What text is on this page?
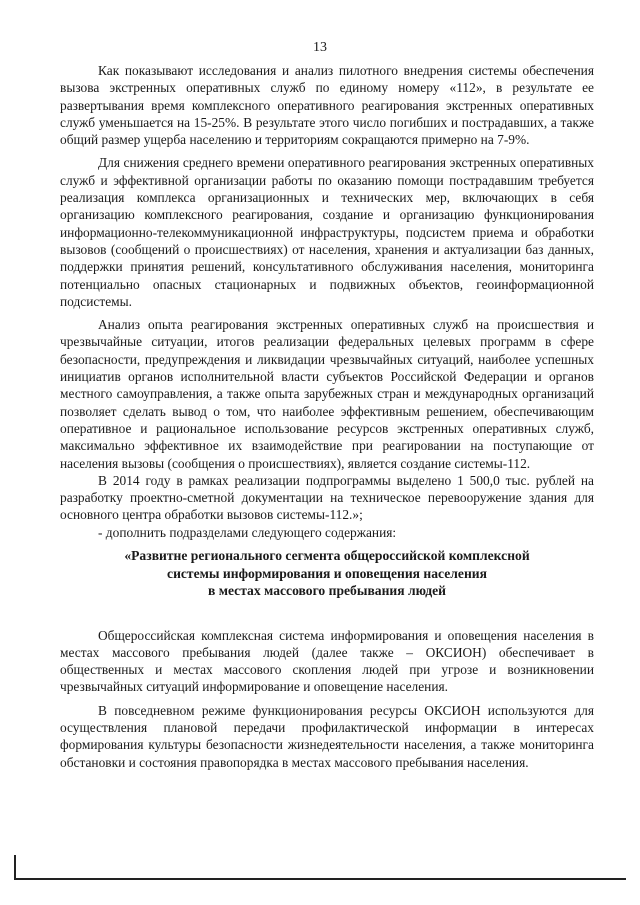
13

Как показывают исследования и анализ пилотного внедрения системы обеспечения вызова экстренных оперативных служб по единому номеру «112», в результате ее развертывания время комплексного оперативного реагирования экстренных оперативных служб уменьшается на 15-25%. В результате этого число погибших и пострадавших, а также общий размер ущерба населению и территориям сокращаются примерно на 7-9%.

Для снижения среднего времени оперативного реагирования экстренных оперативных служб и эффективной организации работы по оказанию помощи пострадавшим требуется реализация комплекса организационных и технических мер, включающих в себя организацию комплексного реагирования, создание и организацию функционирования информационно-телекоммуникационной инфраструктуры, подсистем приема и обработки вызовов (сообщений о происшествиях) от населения, хранения и актуализации баз данных, поддержки принятия решений, консультативного обслуживания населения, мониторинга потенциально опасных стационарных и подвижных объектов, геоинформационной подсистемы.

Анализ опыта реагирования экстренных оперативных служб на происшествия и чрезвычайные ситуации, итогов реализации федеральных целевых программ в сфере безопасности, предупреждения и ликвидации чрезвычайных ситуаций, наиболее успешных инициатив органов исполнительной власти субъектов Российской Федерации и органов местного самоуправления, а также опыта зарубежных стран и международных организаций позволяет сделать вывод о том, что наиболее эффективным решением, обеспечивающим оперативное и рациональное использование ресурсов экстренных оперативных служб, максимально эффективное их взаимодействие при реагировании на поступающие от населения вызовы (сообщения о происшествиях), является создание системы-112.

В 2014 году в рамках реализации подпрограммы выделено 1 500,0 тыс. рублей на разработку проектно-сметной документации на техническое перевооружение здания для основного центра обработки вызовов системы-112.»;

- дополнить подразделами следующего содержания:

«Развитне регионального сегмента общероссийской комплексной
системы информирования и оповещения населения
в местах массового пребывания людей

Общероссийская комплексная система информирования и оповещения населения в местах массового пребывания людей (далее также – ОКСИОН) обеспечивает в общественных и местах массового скопления людей при угрозе и возникновении чрезвычайных ситуаций информирование и оповещение населения.

В повседневном режиме функционирования ресурсы ОКСИОН используются для осуществления плановой передачи профилактической информации в интересах формирования культуры безопасности жизнедеятельности населения, а также мониторинга обстановки и состояния правопорядка в местах массового пребывания населения.
